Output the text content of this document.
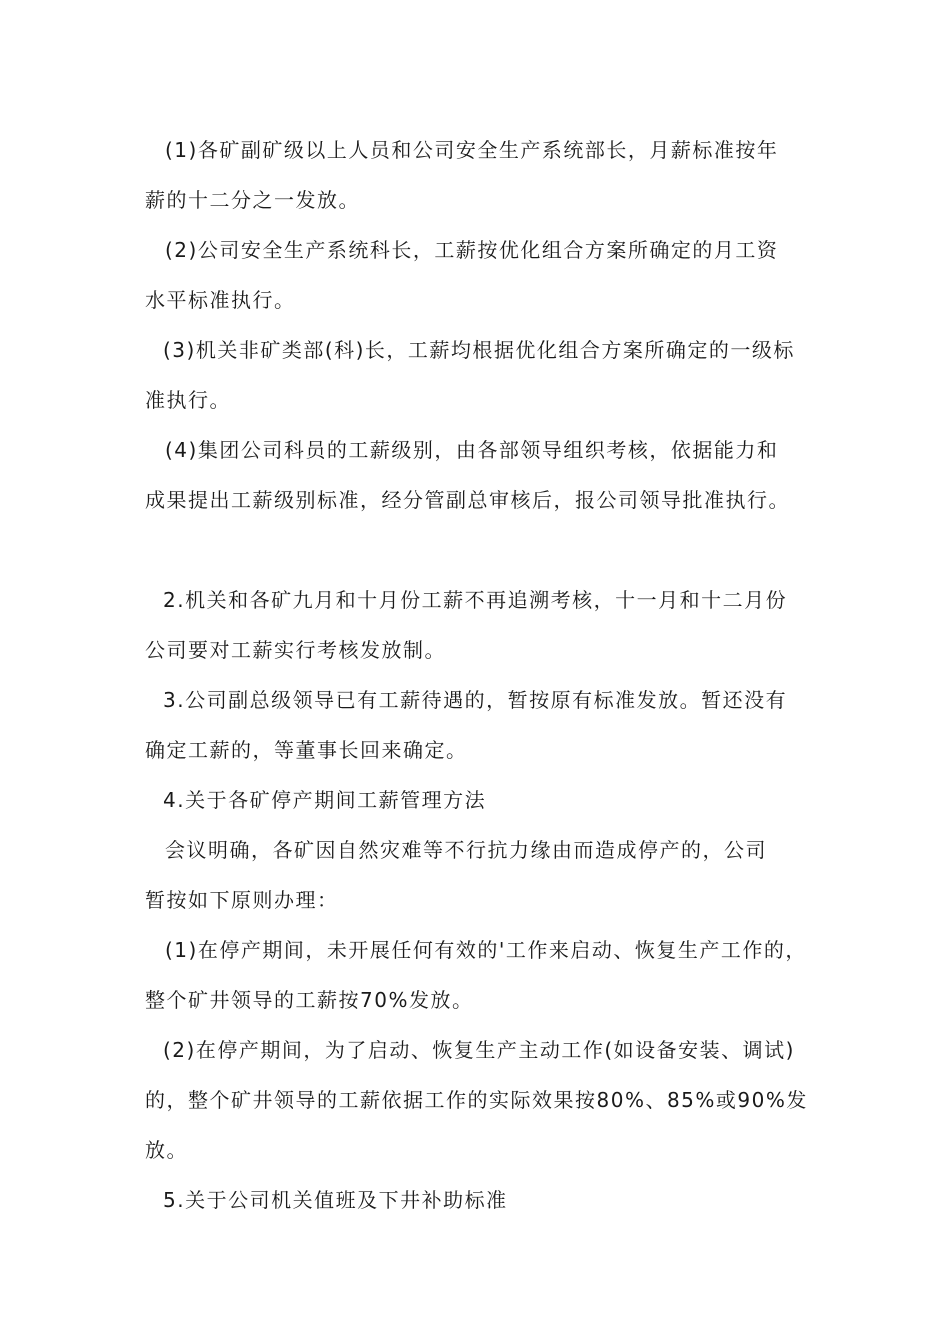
(1)各矿副矿级以上人员和公司安全生产系统部长，月薪标准按年
薪的十二分之一发放。
(2)公司安全生产系统科长，工薪按优化组合方案所确定的月工资
水平标准执行。
(3)机关非矿类部(科)长，工薪均根据优化组合方案所确定的一级标
准执行。
(4)集团公司科员的工薪级别，由各部领导组织考核，依据能力和
成果提出工薪级别标准，经分管副总审核后，报公司领导批准执行。
2.机关和各矿九月和十月份工薪不再追溯考核，十一月和十二月份
公司要对工薪实行考核发放制。
3.公司副总级领导已有工薪待遇的，暂按原有标准发放。暂还没有
确定工薪的，等董事长回来确定。
4.关于各矿停产期间工薪管理方法
会议明确，各矿因自然灾难等不行抗力缘由而造成停产的，公司
暂按如下原则办理：
(1)在停产期间，未开展任何有效的'工作来启动、恢复生产工作的，
整个矿井领导的工薪按70%发放。
(2)在停产期间，为了启动、恢复生产主动工作(如设备安装、调试)
的，整个矿井领导的工薪依据工作的实际效果按80%、85%或90%发
放。
5.关于公司机关值班及下井补助标准
